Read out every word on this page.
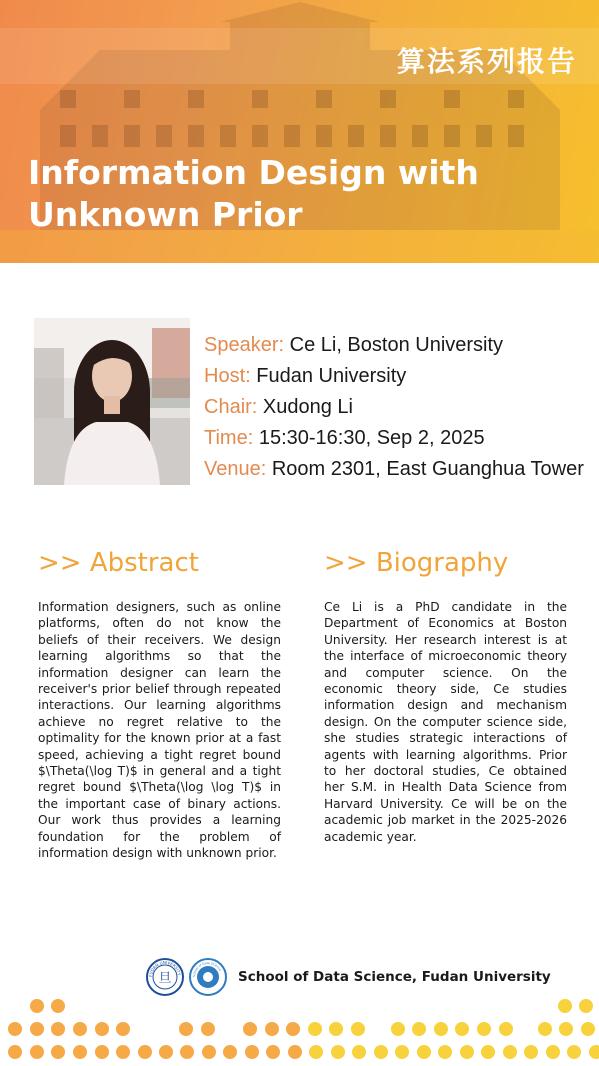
算法系列报告
Information Design with Unknown Prior
Speaker: Ce Li, Boston University
Host: Fudan University
Chair: Xudong Li
Time: 15:30-16:30, Sep 2, 2025
Venue: Room 2301, East Guanghua Tower
>> Abstract
Information designers, such as online platforms, often do not know the beliefs of their receivers. We design learning algorithms so that the information designer can learn the receiver's prior belief through repeated interactions. Our learning algorithms achieve no regret relative to the optimality for the known prior at a fast speed, achieving a tight regret bound $\Theta(\log T)$ in general and a tight regret bound $\Theta(\log \log T)$ in the important case of binary actions. Our work thus provides a learning foundation for the problem of information design with unknown prior.
>> Biography
Ce Li is a PhD candidate in the Department of Economics at Boston University. Her research interest is at the interface of microeconomic theory and computer science. On the economic theory side, Ce studies information design and mechanism design. On the computer science side, she studies strategic interactions of agents with learning algorithms. Prior to her doctoral studies, Ce obtained her S.M. in Health Data Science from Harvard University. Ce will be on the academic job market in the 2025-2026 academic year.
FUDAN UNIVERSITY
旦	School of Data Science School of Data Science, Fudan University
